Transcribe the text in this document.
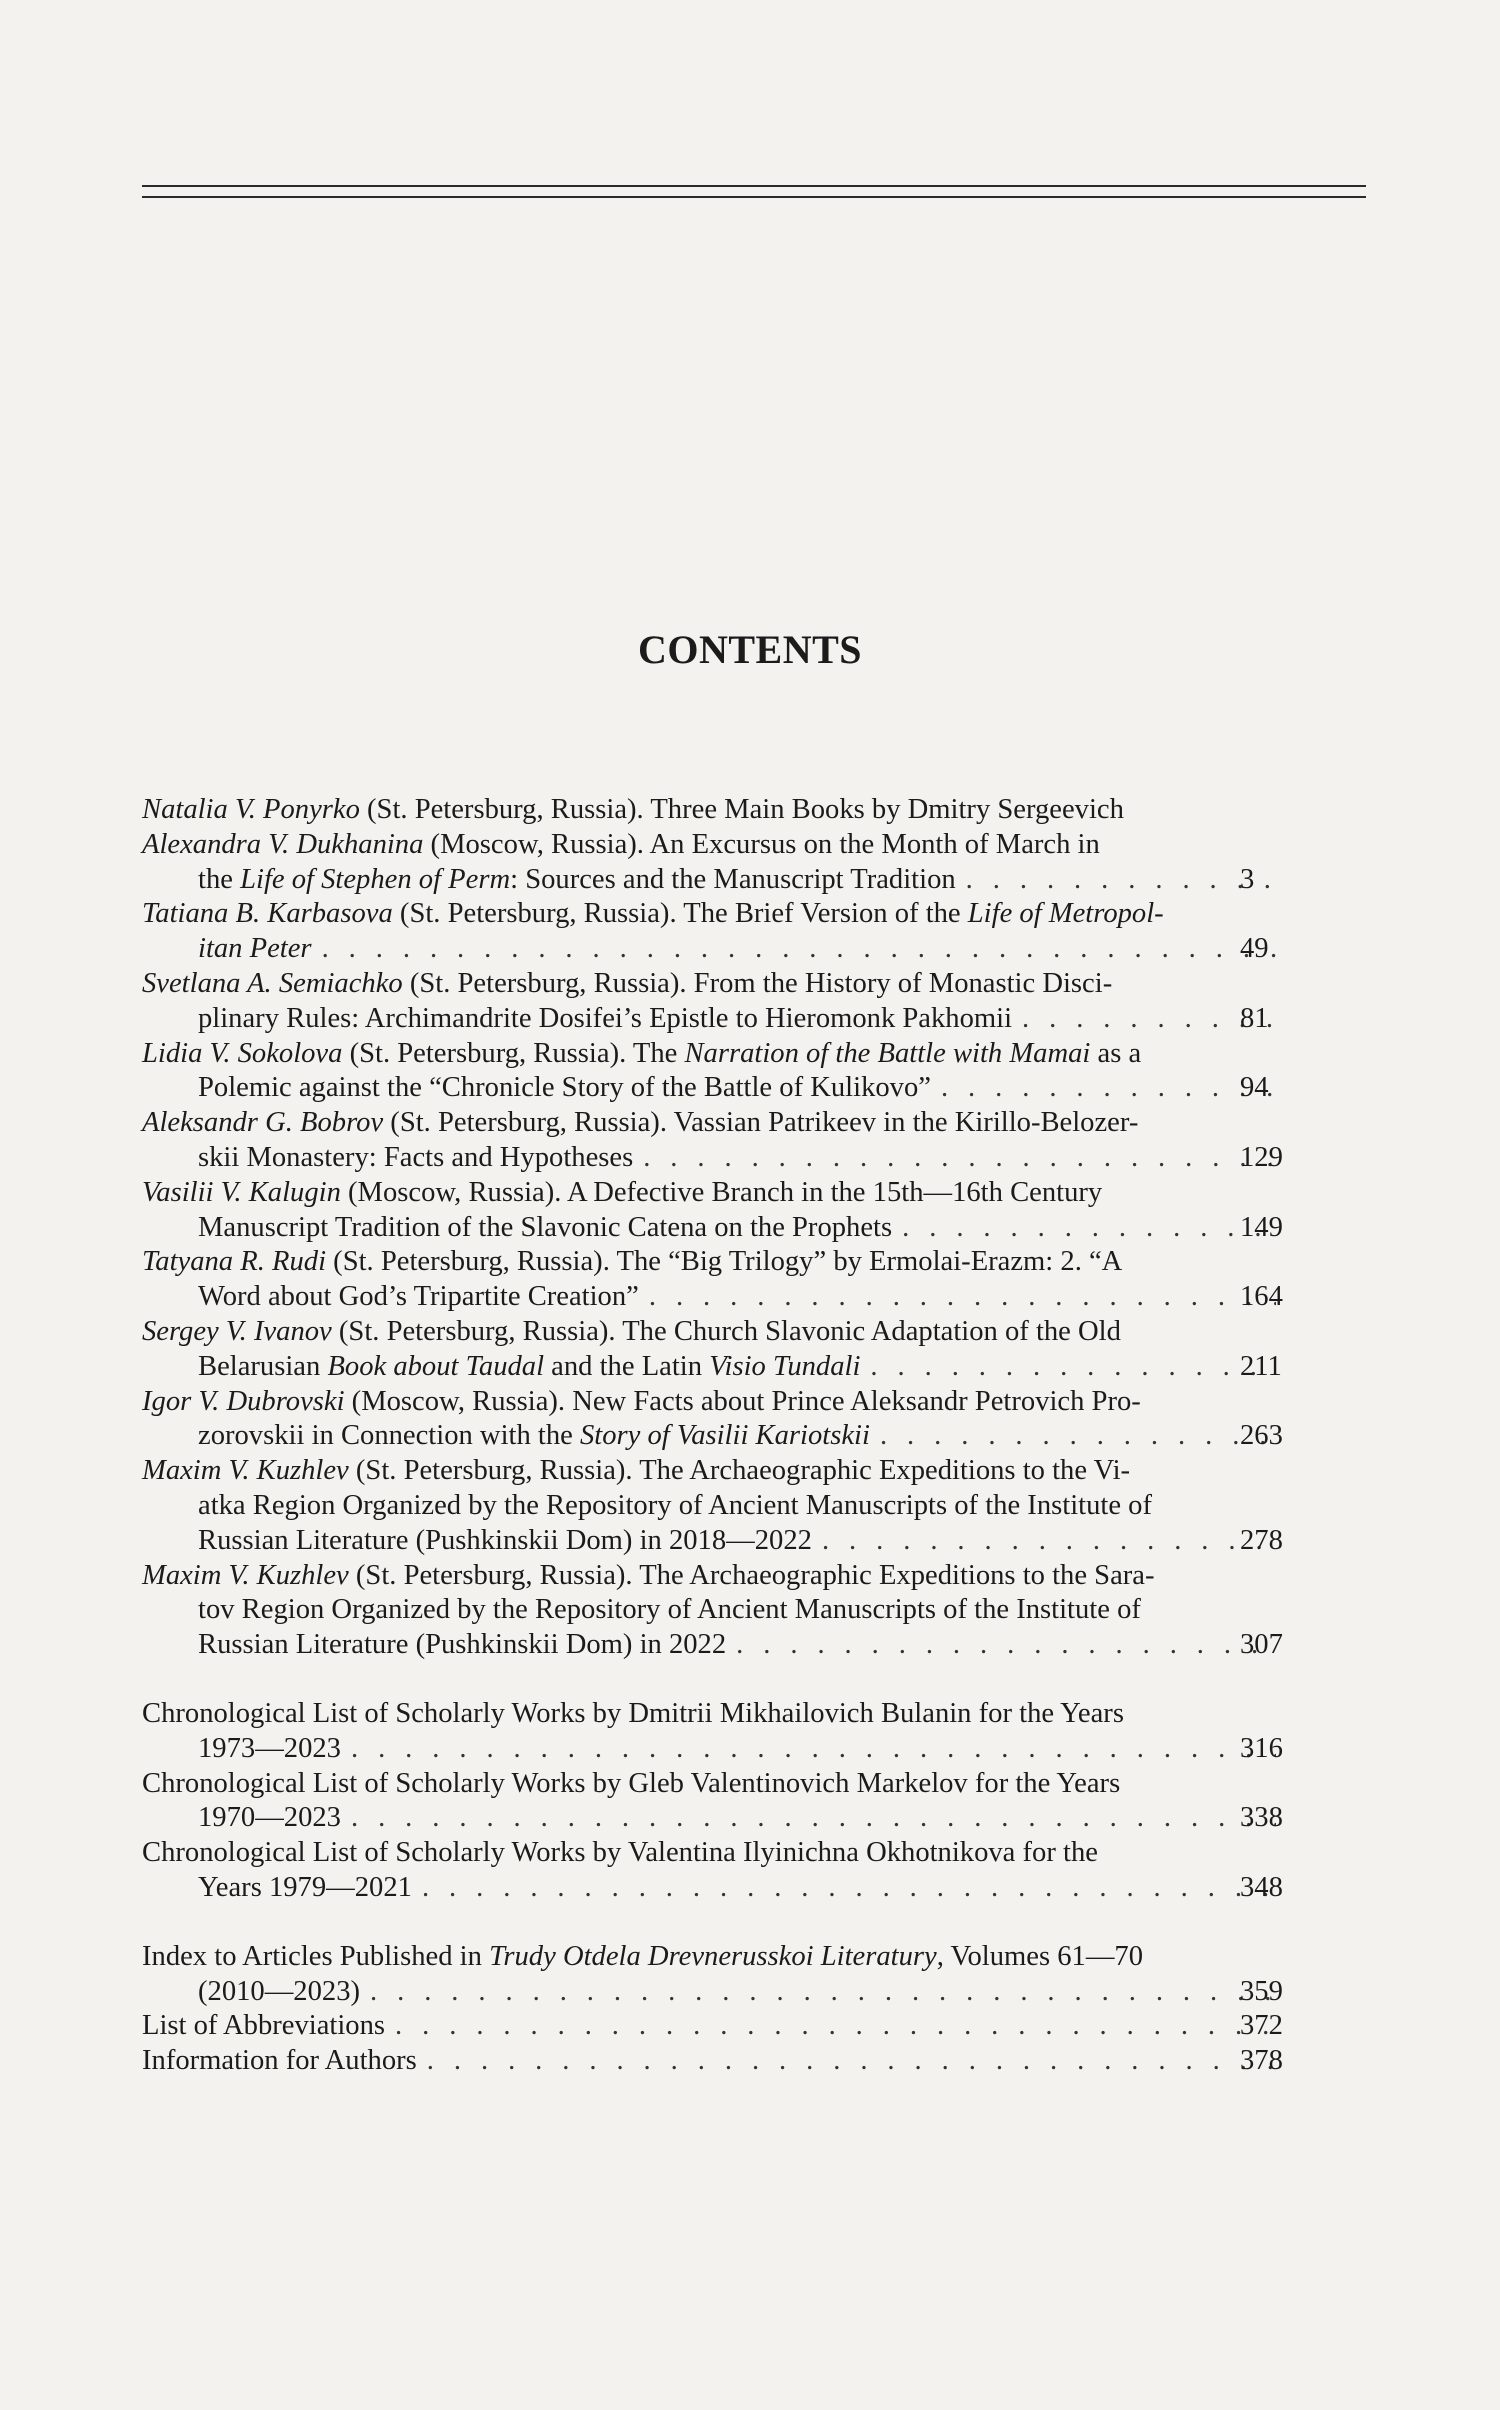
CONTENTS
Natalia V. Ponyrko (St. Petersburg, Russia). Three Main Books by Dmitry Sergeevich
Alexandra V. Dukhanina (Moscow, Russia). An Excursus on the Month of March in
the Life of Stephen of Perm: Sources and the Manuscript Tradition . . .	3
Tatiana B. Karbasova (St. Petersburg, Russia). The Brief Version of the Life of Metropol-
itan Peter . . .	49
Svetlana A. Semiachko (St. Petersburg, Russia). From the History of Monastic Disci-
plinary Rules: Archimandrite Dosifei’s Epistle to Hieromonk Pakhomii . . .	81
Lidia V. Sokolova (St. Petersburg, Russia). The Narration of the Battle with Mamai as a
Polemic against the “Chronicle Story of the Battle of Kulikovo” . . .	94
Aleksandr G. Bobrov (St. Petersburg, Russia). Vassian Patrikeev in the Kirillo-Belozer-
skii Monastery: Facts and Hypotheses . . .	129
Vasilii V. Kalugin (Moscow, Russia). A Defective Branch in the 15th—16th Century
Manuscript Tradition of the Slavonic Catena on the Prophets . . .	149
Tatyana R. Rudi (St. Petersburg, Russia). The “Big Trilogy” by Ermolai-Erazm: 2. “A
Word about God’s Tripartite Creation” . . .	164
Sergey V. Ivanov (St. Petersburg, Russia). The Church Slavonic Adaptation of the Old
Belarusian Book about Taudal and the Latin Visio Tundali . . .	211
Igor V. Dubrovski (Moscow, Russia). New Facts about Prince Aleksandr Petrovich Pro-
zorovskii in Connection with the Story of Vasilii Kariotskii . . .	263
Maxim V. Kuzhlev (St. Petersburg, Russia). The Archaeographic Expeditions to the Vi-
atka Region Organized by the Repository of Ancient Manuscripts of the Institute of
Russian Literature (Pushkinskii Dom) in 2018—2022 . . .	278
Maxim V. Kuzhlev (St. Petersburg, Russia). The Archaeographic Expeditions to the Sara-
tov Region Organized by the Repository of Ancient Manuscripts of the Institute of
Russian Literature (Pushkinskii Dom) in 2022 . . .	307
Chronological List of Scholarly Works by Dmitrii Mikhailovich Bulanin for the Years
1973—2023 . . .	316
Chronological List of Scholarly Works by Gleb Valentinovich Markelov for the Years
1970—2023 . . .	338
Chronological List of Scholarly Works by Valentina Ilyinichna Okhotnikova for the
Years 1979—2021 . . .	348
Index to Articles Published in Trudy Otdela Drevnerusskoi Literatury, Volumes 61—70
(2010—2023) . . .	359
List of Abbreviations . . .	372
Information for Authors . . .	378
